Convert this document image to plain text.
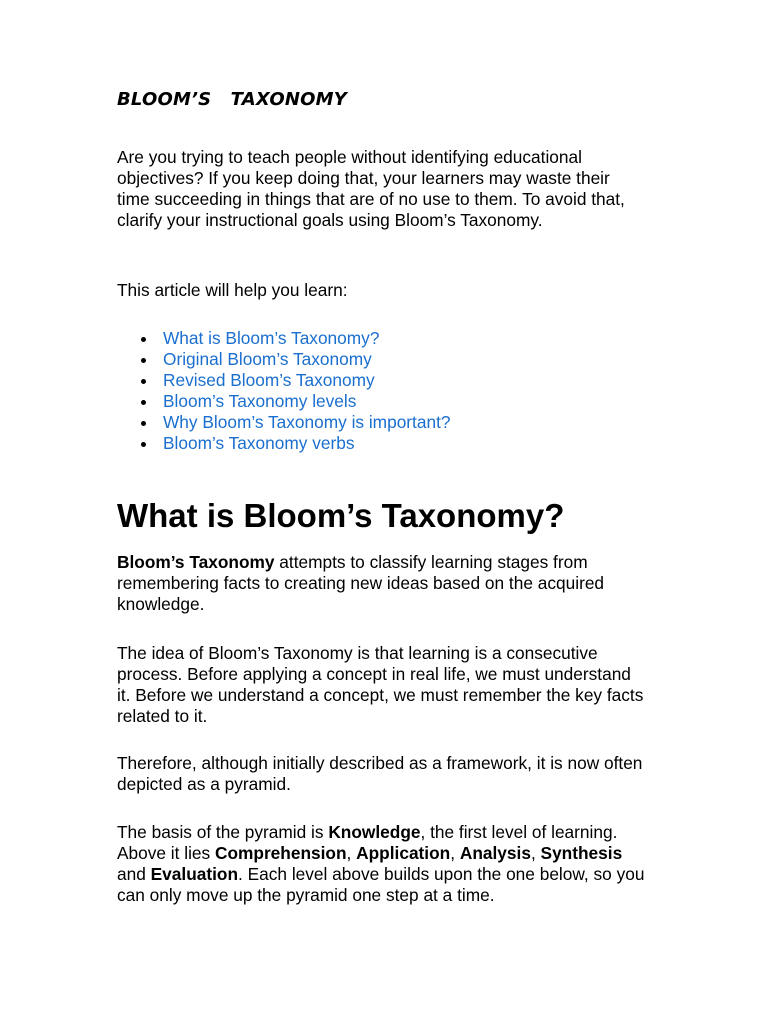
BLOOM’S   TAXONOMY

Are you trying to teach people without identifying educational objectives? If you keep doing that, your learners may waste their time succeeding in things that are of no use to them. To avoid that, clarify your instructional goals using Bloom’s Taxonomy.

This article will help you learn:

What is Bloom’s Taxonomy?
Original Bloom’s Taxonomy
Revised Bloom’s Taxonomy
Bloom’s Taxonomy levels
Why Bloom’s Taxonomy is important?
Bloom’s Taxonomy verbs
What is Bloom’s Taxonomy?

Bloom’s Taxonomy attempts to classify learning stages from remembering facts to creating new ideas based on the acquired knowledge.

The idea of Bloom’s Taxonomy is that learning is a consecutive process. Before applying a concept in real life, we must understand it. Before we understand a concept, we must remember the key facts related to it.

Therefore, although initially described as a framework, it is now often depicted as a pyramid.

The basis of the pyramid is Knowledge, the first level of learning. Above it lies Comprehension, Application, Analysis, Synthesis and Evaluation. Each level above builds upon the one below, so you can only move up the pyramid one step at a time.
